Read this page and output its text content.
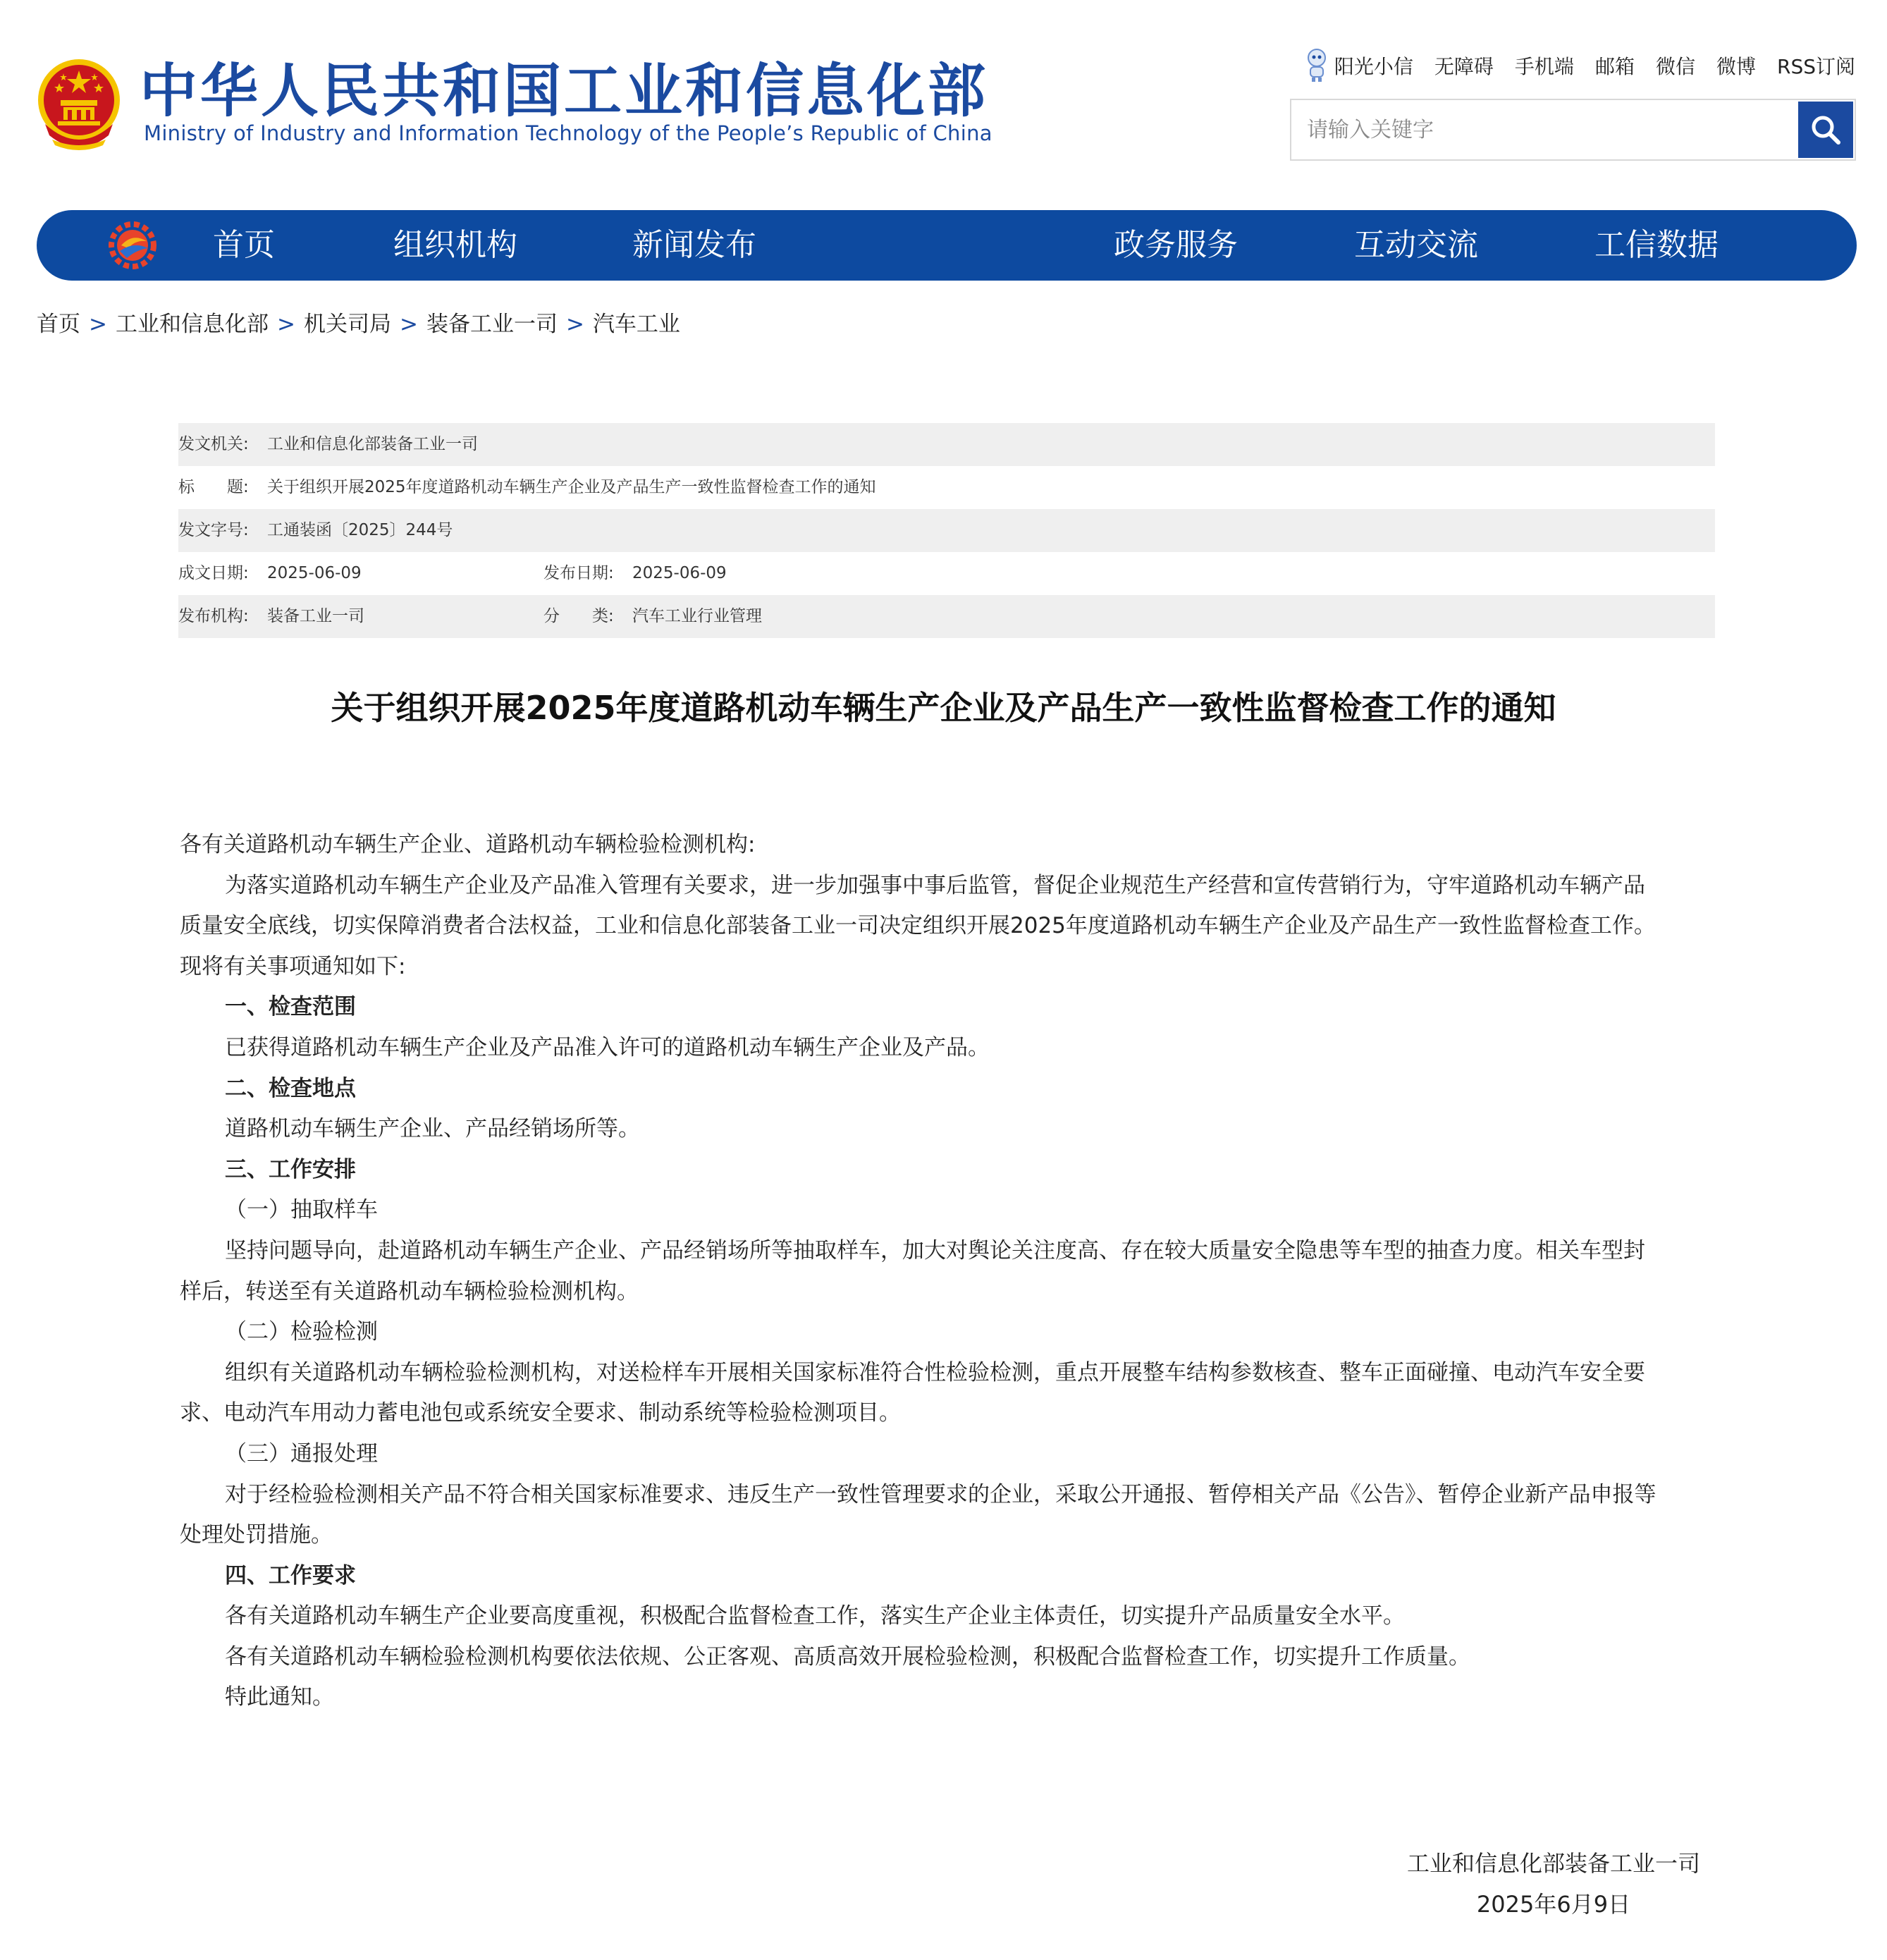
中华人民共和国工业和信息化部
Ministry of Industry and Information Technology of the People’s Republic of China
阳光小信 无障碍 手机端 邮箱 微信 微博 RSS订阅
请输入关键字
首页	组织机构	新闻发布	政务服务	互动交流	工信数据
首页 > 工业和信息化部 > 机关司局 > 装备工业一司 > 汽车工业
发文机关: 工业和信息化部装备工业一司
标　　题: 关于组织开展2025年度道路机动车辆生产企业及产品生产一致性监督检查工作的通知
发文字号: 工通装函〔2025〕244号
成文日期: 2025-06-09	发布日期: 2025-06-09
发布机构: 装备工业一司	分　　类: 汽车工业行业管理
关于组织开展2025年度道路机动车辆生产企业及产品生产一致性监督检查工作的通知

各有关道路机动车辆生产企业、道路机动车辆检验检测机构:

为落实道路机动车辆生产企业及产品准入管理有关要求，进一步加强事中事后监管，督促企业规范生产经营和宣传营销行为，守牢道路机动车辆产品

质量安全底线，切实保障消费者合法权益，工业和信息化部装备工业一司决定组织开展2025年度道路机动车辆生产企业及产品生产一致性监督检查工作。

现将有关事项通知如下:

一、检查范围

已获得道路机动车辆生产企业及产品准入许可的道路机动车辆生产企业及产品。

二、检查地点

道路机动车辆生产企业、产品经销场所等。

三、工作安排

（一）抽取样车

坚持问题导向，赴道路机动车辆生产企业、产品经销场所等抽取样车，加大对舆论关注度高、存在较大质量安全隐患等车型的抽查力度。相关车型封

样后，转送至有关道路机动车辆检验检测机构。

（二）检验检测

组织有关道路机动车辆检验检测机构，对送检样车开展相关国家标准符合性检验检测，重点开展整车结构参数核查、整车正面碰撞、电动汽车安全要

求、电动汽车用动力蓄电池包或系统安全要求、制动系统等检验检测项目。

（三）通报处理

对于经检验检测相关产品不符合相关国家标准要求、违反生产一致性管理要求的企业，采取公开通报、暂停相关产品《公告》、暂停企业新产品申报等

处理处罚措施。

四、工作要求

各有关道路机动车辆生产企业要高度重视，积极配合监督检查工作，落实生产企业主体责任，切实提升产品质量安全水平。

各有关道路机动车辆检验检测机构要依法依规、公正客观、高质高效开展检验检测，积极配合监督检查工作，切实提升工作质量。

特此通知。

工业和信息化部装备工业一司
2025年6月9日
